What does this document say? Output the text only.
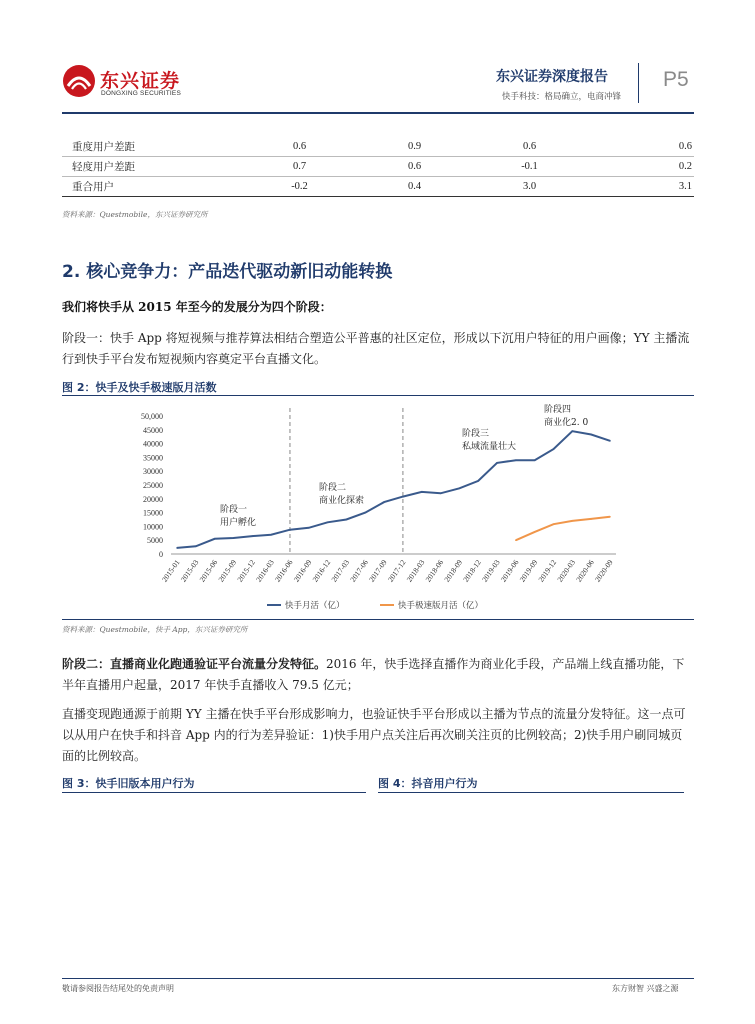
东兴证券
DONGXING SECURITIES
东兴证券深度报告
快手科技：格局确立，电商冲锋
P5
重度用户差距	0.6	0.9	0.6	0.6
轻度用户差距	0.7	0.6	-0.1	0.2
重合用户	-0.2	0.4	3.0	3.1
资料来源：Questmobile，东兴证券研究所
2. 核心竞争力：产品迭代驱动新旧动能转换
我们将快手从 2015 年至今的发展分为四个阶段：
阶段一：快手 App 将短视频与推荐算法相结合塑造公平普惠的社区定位，形成以下沉用户特征的用户画像；YY 主播流行到快手平台发布短视频内容奠定平台直播文化。
图 2：快手及快手极速版月活数
0
5000
10000
15000
20000
25000
30000
35000
40000
45000
50,000
2015-01
2015-03
2015-06
2015-09
2015-12
2016-03
2016-06
2016-09
2016-12
2017-03
2017-06
2017-09
2017-12
2018-03
2018-06
2018-09
2018-12
2019-03
2019-06
2019-09
2019-12
2020-03
2020-06
2020-09
阶段一
用户孵化
阶段二
商业化探索
阶段三
私域流量壮大
阶段四
商业化2. 0
快手月活（亿）	快手极速版月活（亿）
资料来源：Questmobile，快手 App，东兴证券研究所
阶段二：直播商业化跑通验证平台流量分发特征。2016 年，快手选择直播作为商业化手段，产品端上线直播功能，下半年直播用户起量，2017 年快手直播收入 79.5 亿元；
直播变现跑通源于前期 YY 主播在快手平台形成影响力，也验证快手平台形成以主播为节点的流量分发特征。这一点可以从用户在快手和抖音 App 内的行为差异验证：1)快手用户点关注后再次刷关注页的比例较高；2)快手用户刷同城页面的比例较高。
图 3：快手旧版本用户行为	图 4：抖音用户行为
敬请参阅报告结尾处的免责声明	东方财智 兴盛之源
